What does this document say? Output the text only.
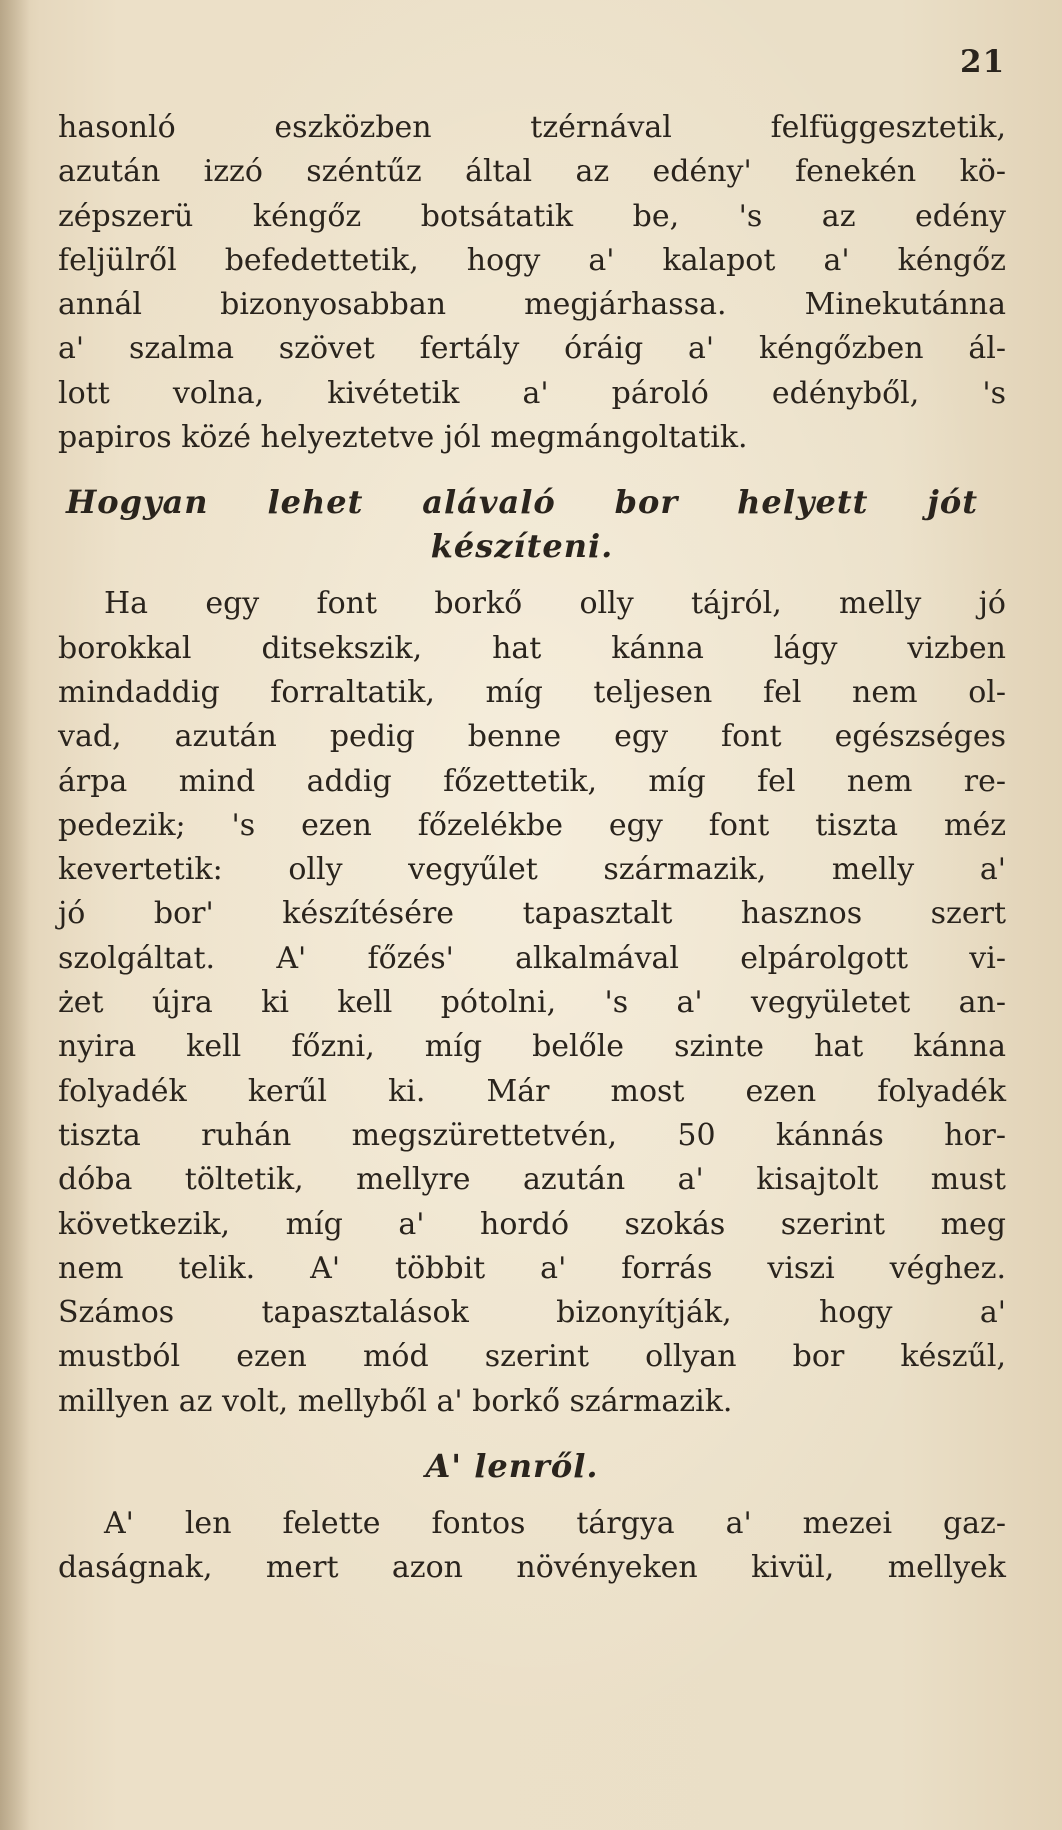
21
hasonló eszközben tzérnával felfüggesztetik,
azután izzó széntűz által az edény' fenekén kö-
zépszerü kéngőz botsátatik be, 's az edény
feljülről befedettetik, hogy a' kalapot a' kéngőz
annál bizonyosabban megjárhassa. Minekutánna
a' szalma szövet fertály óráig a' kéngőzben ál-
lott volna, kivétetik a' pároló edényből, 's
papiros közé helyeztetve jól megmángoltatik.
Hogyan lehet alávaló bor helyett jót
készíteni.
Ha egy font borkő olly tájról, melly jó
borokkal ditsekszik, hat kánna lágy vizben
mindaddig forraltatik, míg teljesen fel nem ol-
vad, azután pedig benne egy font egészséges
árpa mind addig főzettetik, míg fel nem re-
pedezik; 's ezen főzelékbe egy font tiszta méz
kevertetik: olly vegyűlet származik, melly a'
jó bor' készítésére tapasztalt hasznos szert
szolgáltat. A' főzés' alkalmával elpárolgott vi-
żet újra ki kell pótolni, 's a' vegyületet an-
nyira kell főzni, míg belőle szinte hat kánna
folyadék kerűl ki. Már most ezen folyadék
tiszta ruhán megszürettetvén, 50 kánnás hor-
dóba töltetik, mellyre azután a' kisajtolt must
következik, míg a' hordó szokás szerint meg
nem telik. A' többit a' forrás viszi véghez.
Számos tapasztalások bizonyítják, hogy a'
mustból ezen mód szerint ollyan bor készűl,
millyen az volt, mellyből a' borkő származik.
A' lenről.
A' len felette fontos tárgya a' mezei gaz-
daságnak, mert azon növényeken kivül, mellyek
